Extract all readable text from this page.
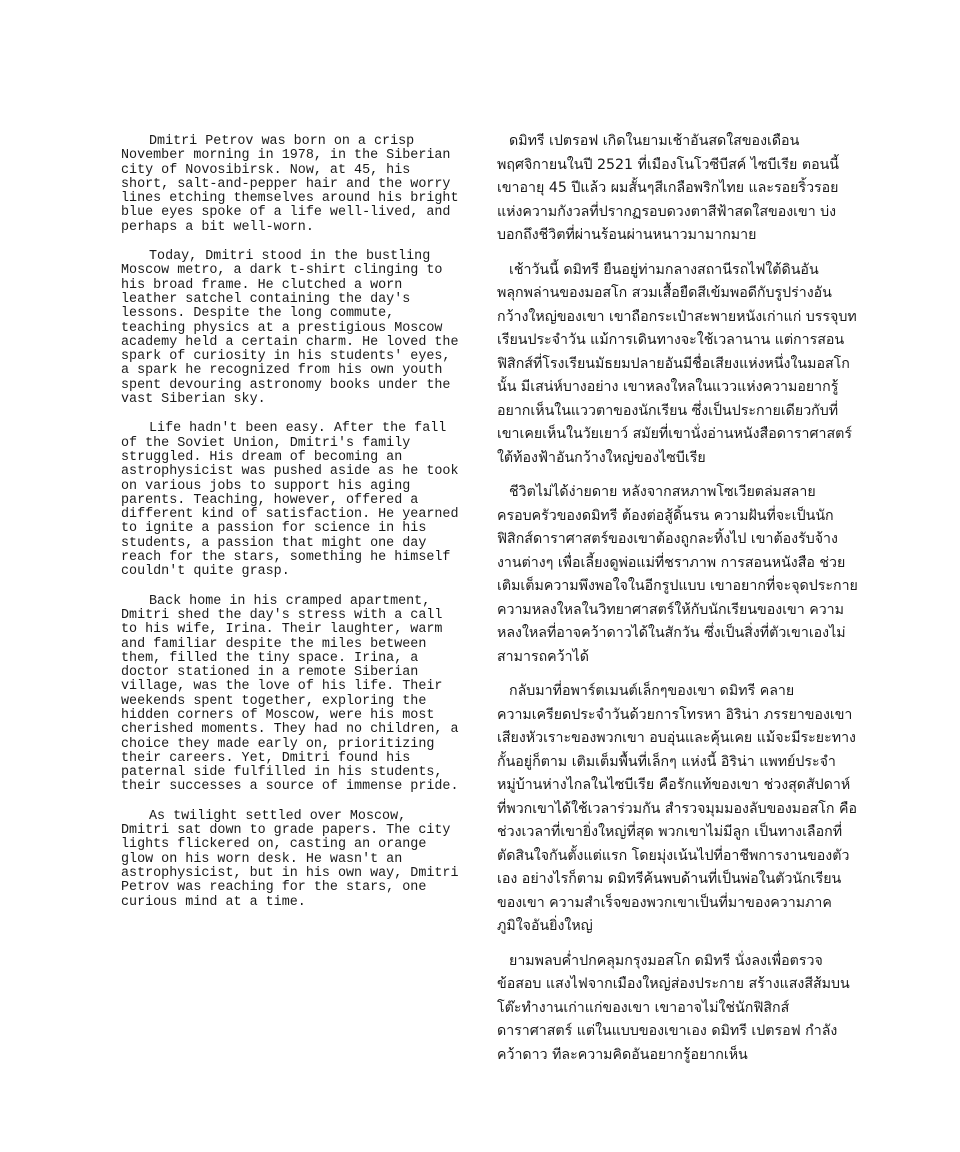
Dmitri Petrov was born on a crisp November morning in 1978, in the Siberian city of Novosibirsk. Now, at 45, his short, salt-and-pepper hair and the worry lines etching themselves around his bright blue eyes spoke of a life well-lived, and perhaps a bit well-worn.

Today, Dmitri stood in the bustling Moscow metro, a dark t-shirt clinging to his broad frame. He clutched a worn leather satchel containing the day's lessons. Despite the long commute, teaching physics at a prestigious Moscow academy held a certain charm. He loved the spark of curiosity in his students' eyes, a spark he recognized from his own youth spent devouring astronomy books under the vast Siberian sky.

Life hadn't been easy. After the fall of the Soviet Union, Dmitri's family struggled. His dream of becoming an astrophysicist was pushed aside as he took on various jobs to support his aging parents. Teaching, however, offered a different kind of satisfaction. He yearned to ignite a passion for science in his students, a passion that might one day reach for the stars, something he himself couldn't quite grasp.

Back home in his cramped apartment, Dmitri shed the day's stress with a call to his wife, Irina. Their laughter, warm and familiar despite the miles between them, filled the tiny space. Irina, a doctor stationed in a remote Siberian village, was the love of his life. Their weekends spent together, exploring the hidden corners of Moscow, were his most cherished moments. They had no children, a choice they made early on, prioritizing their careers. Yet, Dmitri found his paternal side fulfilled in his students, their successes a source of immense pride.

As twilight settled over Moscow, Dmitri sat down to grade papers. The city lights flickered on, casting an orange glow on his worn desk. He wasn't an astrophysicist, but in his own way, Dmitri Petrov was reaching for the stars, one curious mind at a time.

ดมิทรี เปตรอฟ เกิดในยามเช้าอันสดใสของเดือนพฤศจิกายนในปี 2521 ที่เมืองโนโวซีบีสค์ ไซบีเรีย ตอนนี้เขาอายุ 45 ปีแล้ว ผมสั้นๆสีเกลือพริกไทย และรอยริ้วรอยแห่งความกังวลที่ปรากฏรอบดวงตาสีฟ้าสดใสของเขา บ่งบอกถึงชีวิตที่ผ่านร้อนผ่านหนาวมามากมาย

เช้าวันนี้ ดมิทรี ยืนอยู่ท่ามกลางสถานีรถไฟใต้ดินอันพลุกพล่านของมอสโก สวมเสื้อยืดสีเข้มพอดีกับรูปร่างอันกว้างใหญ่ของเขา เขาถือกระเป๋าสะพายหนังเก่าแก่ บรรจุบทเรียนประจำวัน แม้การเดินทางจะใช้เวลานาน แต่การสอนฟิสิกส์ที่โรงเรียนมัธยมปลายอันมีชื่อเสียงแห่งหนึ่งในมอสโกนั้น มีเสน่ห์บางอย่าง เขาหลงใหลในแววแห่งความอยากรู้อยากเห็นในแววตาของนักเรียน ซึ่งเป็นประกายเดียวกับที่เขาเคยเห็นในวัยเยาว์ สมัยที่เขานั่งอ่านหนังสือดาราศาสตร์ใต้ท้องฟ้าอันกว้างใหญ่ของไซบีเรีย

ชีวิตไม่ได้ง่ายดาย หลังจากสหภาพโซเวียตล่มสลาย ครอบครัวของดมิทรี ต้องต่อสู้ดิ้นรน ความฝันที่จะเป็นนักฟิสิกส์ดาราศาสตร์ของเขาต้องถูกละทิ้งไป เขาต้องรับจ้างงานต่างๆ เพื่อเลี้ยงดูพ่อแม่ที่ชราภาพ การสอนหนังสือ ช่วยเติมเต็มความพึงพอใจในอีกรูปแบบ เขาอยากที่จะจุดประกายความหลงใหลในวิทยาศาสตร์ให้กับนักเรียนของเขา ความหลงใหลที่อาจคว้าดาวได้ในสักวัน ซึ่งเป็นสิ่งที่ตัวเขาเองไม่สามารถคว้าได้

กลับมาที่อพาร์ตเมนต์เล็กๆของเขา ดมิทรี คลายความเครียดประจำวันด้วยการโทรหา อิริน่า ภรรยาของเขา เสียงหัวเราะของพวกเขา อบอุ่นและคุ้นเคย แม้จะมีระยะทางกั้นอยู่ก็ตาม เติมเต็มพื้นที่เล็กๆ แห่งนี้ อิริน่า แพทย์ประจำหมู่บ้านห่างไกลในไซบีเรีย คือรักแท้ของเขา ช่วงสุดสัปดาห์ที่พวกเขาได้ใช้เวลาร่วมกัน สำรวจมุมมองลับของมอสโก คือช่วงเวลาที่เขายิ่งใหญ่ที่สุด พวกเขาไม่มีลูก เป็นทางเลือกที่ตัดสินใจกันตั้งแต่แรก โดยมุ่งเน้นไปที่อาชีพการงานของตัวเอง อย่างไรก็ตาม ดมิทรีค้นพบด้านที่เป็นพ่อในตัวนักเรียนของเขา ความสำเร็จของพวกเขาเป็นที่มาของความภาคภูมิใจอันยิ่งใหญ่

ยามพลบค่ำปกคลุมกรุงมอสโก ดมิทรี นั่งลงเพื่อตรวจข้อสอบ แสงไฟจากเมืองใหญ่ส่องประกาย สร้างแสงสีส้มบนโต๊ะทำงานเก่าแก่ของเขา เขาอาจไม่ใช่นักฟิสิกส์ดาราศาสตร์ แต่ในแบบของเขาเอง ดมิทรี เปตรอฟ กำลังคว้าดาว ทีละความคิดอันอยากรู้อยากเห็น
